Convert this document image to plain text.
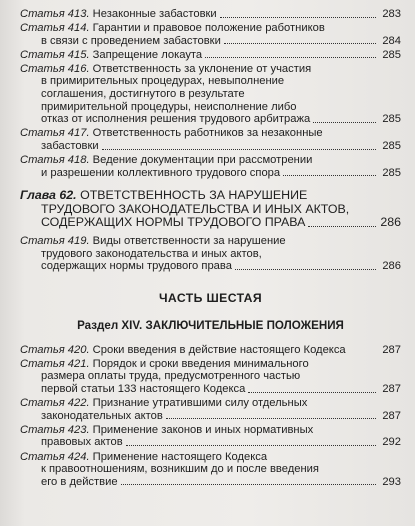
Статья 413. Незаконные забастовки	283
Статья 414. Гарантии и правовое положение работников
в связи с проведением забастовки	284
Статья 415. Запрещение локаута	285
Статья 416. Ответственность за уклонение от участия
в примирительных процедурах, невыполнение
соглашения, достигнутого в результате
примирительной процедуры, неисполнение либо
отказ от исполнения решения трудового арбитража	285
Статья 417. Ответственность работников за незаконные
забастовки	285
Статья 418. Ведение документации при рассмотрении
и разрешении коллективного трудового спора	285
Глава 62. ОТВЕТСТВЕННОСТЬ ЗА НАРУШЕНИЕ
ТРУДОВОГО ЗАКОНОДАТЕЛЬСТВА И ИНЫХ АКТОВ,
СОДЕРЖАЩИХ НОРМЫ ТРУДОВОГО ПРАВА	286
Статья 419. Виды ответственности за нарушение
трудового законодательства и иных актов,
содержащих нормы трудового права	286
ЧАСТЬ ШЕСТАЯ
Раздел XIV. ЗАКЛЮЧИТЕЛЬНЫЕ ПОЛОЖЕНИЯ
Статья 420. Сроки введения в действие настоящего Кодекса	287
Статья 421. Порядок и сроки введения минимального
размера оплаты труда, предусмотренного частью
первой статьи 133 настоящего Кодекса	287
Статья 422. Признание утратившими силу отдельных
законодательных актов	287
Статья 423. Применение законов и иных нормативных
правовых актов	292
Статья 424. Применение настоящего Кодекса
к правоотношениям, возникшим до и после введения
его в действие	293
